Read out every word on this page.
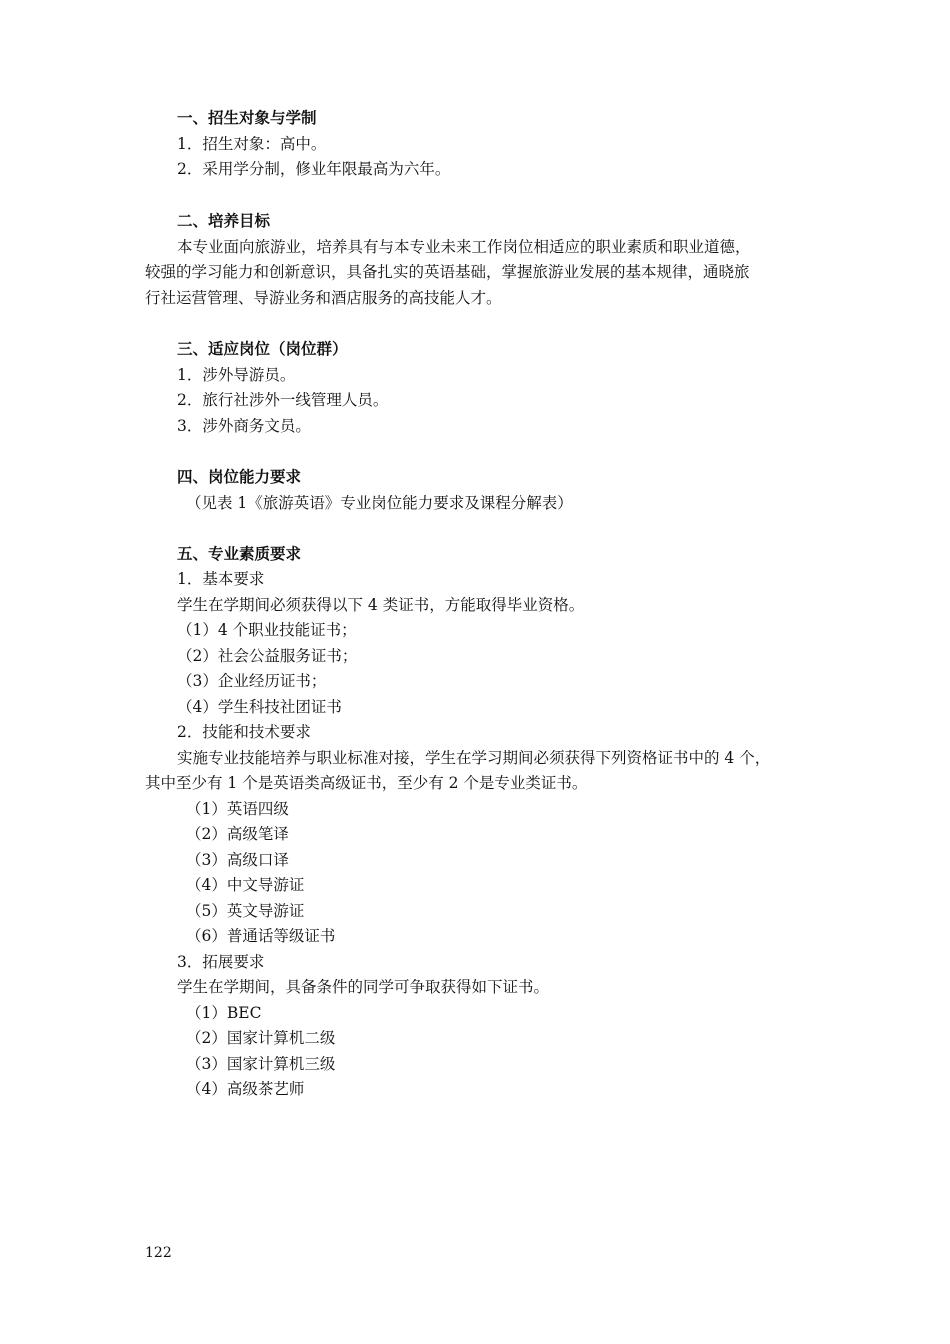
一、招生对象与学制
1．招生对象：高中。
2．采用学分制，修业年限最高为六年。
二、培养目标
本专业面向旅游业，培养具有与本专业未来工作岗位相适应的职业素质和职业道德，
较强的学习能力和创新意识，具备扎实的英语基础，掌握旅游业发展的基本规律，通晓旅
行社运营管理、导游业务和酒店服务的高技能人才。
三、适应岗位（岗位群）
1．涉外导游员。
2．旅行社涉外一线管理人员。
3．涉外商务文员。
四、岗位能力要求
（见表 1《旅游英语》专业岗位能力要求及课程分解表）
五、专业素质要求
1．基本要求
学生在学期间必须获得以下 4 类证书，方能取得毕业资格。
（1）4 个职业技能证书；
（2）社会公益服务证书；
（3）企业经历证书；
（4）学生科技社团证书
2．技能和技术要求
实施专业技能培养与职业标准对接，学生在学习期间必须获得下列资格证书中的 4 个，
其中至少有 1 个是英语类高级证书，至少有 2 个是专业类证书。
（1）英语四级
（2）高级笔译
（3）高级口译
（4）中文导游证
（5）英文导游证
（6）普通话等级证书
3．拓展要求
学生在学期间，具备条件的同学可争取获得如下证书。
（1）BEC
（2）国家计算机二级
（3）国家计算机三级
（4）高级茶艺师
122
